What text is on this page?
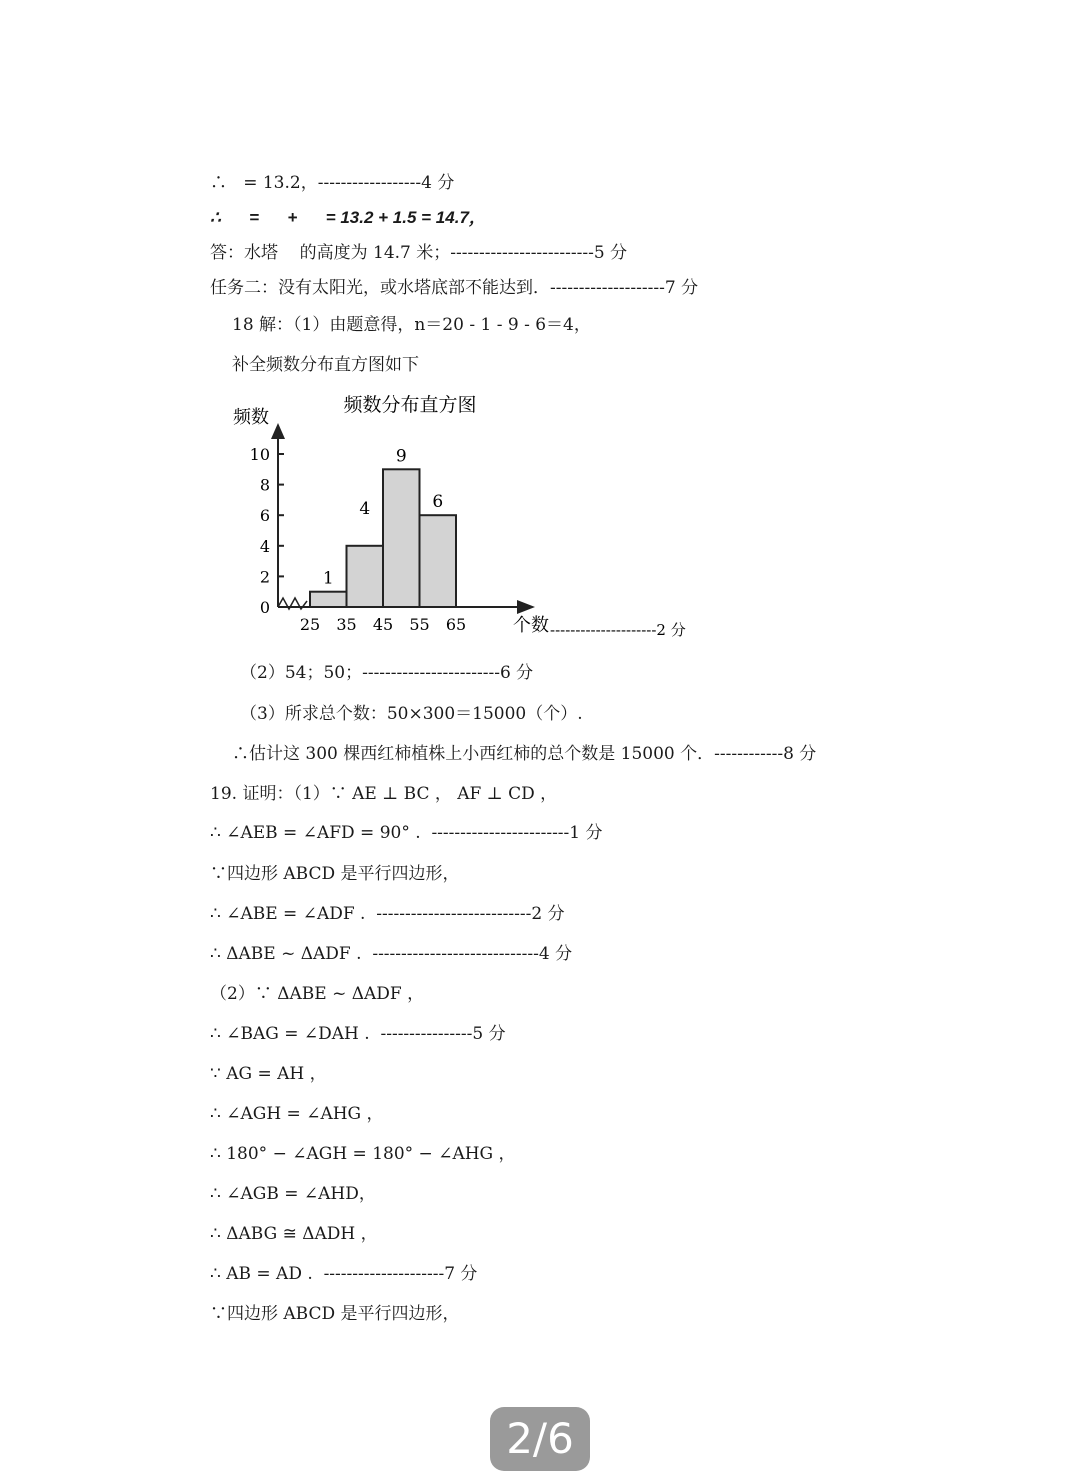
∴   = 13.2，------------------4 分
∴      =      +      = 13.2 + 1.5 = 14.7，
答：水塔    的高度为 14.7 米；-------------------------5 分
任务二：没有太阳光，或水塔底部不能达到．--------------------7 分
18 解：（1）由题意得，n＝20 - 1 - 9 - 6＝4，
补全频数分布直方图如下
频数分布直方图
频数
1
4
9
6
0
2
4
6
8
10
25 35 45 55 65	个数 ---------------------2 分
（2）54；50；------------------------6 分
（3）所求总个数：50×300＝15000（个）.
∴估计这 300 棵西红柿植株上小西红柿的总个数是 15000 个．------------8 分
19. 证明：（1）∵ AE ⊥ BC ， AF ⊥ CD ，
∴ ∠AEB = ∠AFD = 90° .  ------------------------1 分
∵四边形 ABCD 是平行四边形，
∴ ∠ABE = ∠ADF .  ---------------------------2 分
∴ ΔABE ~ ΔADF .  -----------------------------4 分
（2）∵ ΔABE ~ ΔADF ，
∴ ∠BAG = ∠DAH .  ----------------5 分
∵ AG = AH ，
∴ ∠AGH = ∠AHG ，
∴ 180° − ∠AGH = 180° − ∠AHG ，
∴ ∠AGB = ∠AHD，
∴ ΔABG ≅ ΔADH ，
∴ AB = AD .  ---------------------7 分
∵四边形 ABCD 是平行四边形，
2/6
